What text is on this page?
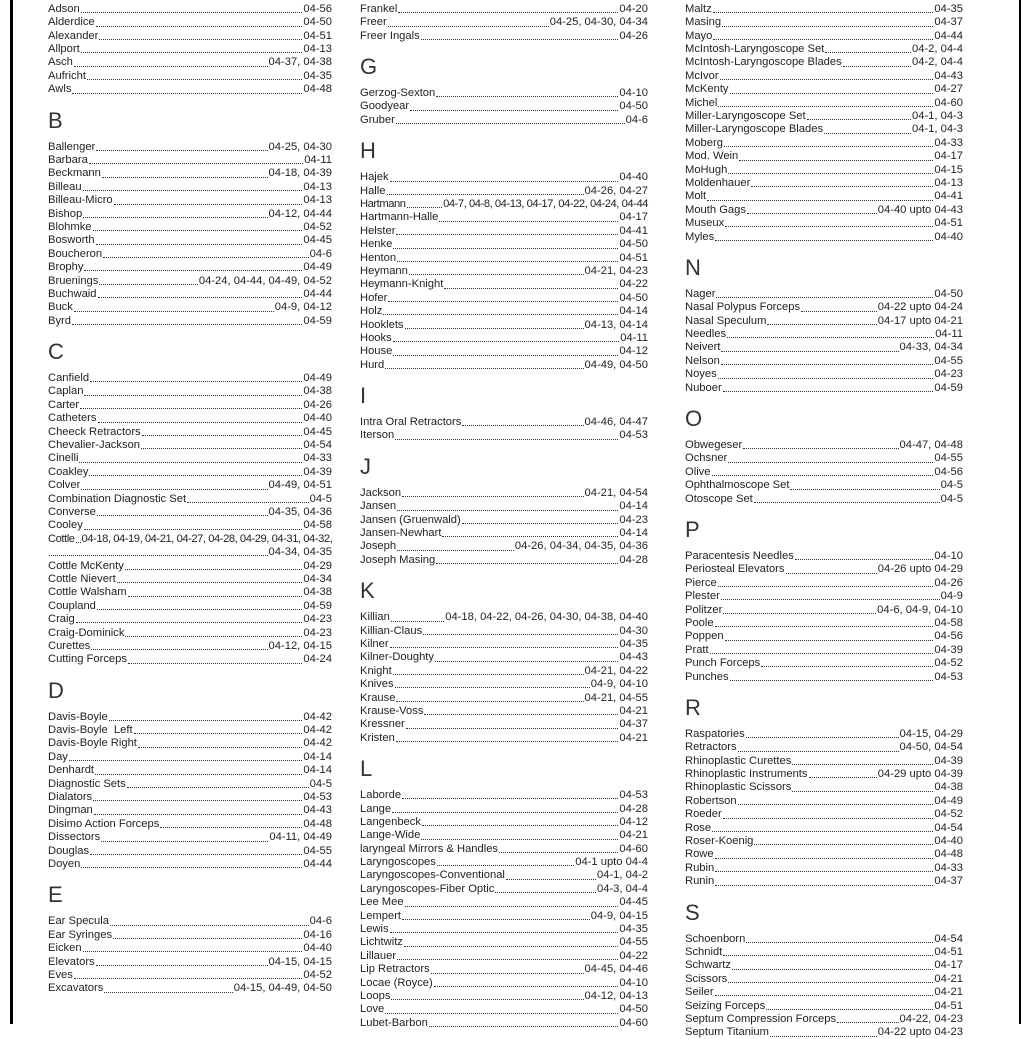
Adson	04-56
Alderdice	04-50
Alexander	04-51
Allport	04-13
Asch	04-37, 04-38
Aufricht	04-35
Awls	04-48
B
Ballenger	04-25, 04-30
Barbara	04-11
Beckmann	04-18, 04-39
Billeau	04-13
Billeau-Micro	04-13
Bishop	04-12, 04-44
Blohmke	04-52
Bosworth	04-45
Boucheron	04-6
Brophy	04-49
Bruenings	04-24, 04-44, 04-49, 04-52
Buchwaid	04-44
Buck	04-9, 04-12
Byrd	04-59
C
Canfield	04-49
Caplan	04-38
Carter	04-26
Catheters	04-40
Cheeck Retractors	04-45
Chevalier-Jackson	04-54
Cinelli	04-33
Coakley	04-39
Colver	04-49, 04-51
Combination Diagnostic Set	04-5
Converse	04-35, 04-36
Cooley	04-58
Cottle 04-18, 04-19, 04-21, 04-27, 04-28, 04-29, 04-31, 04-32,
04-34, 04-35
Cottle McKenty	04-29
Cottle Nievert	04-34
Cottle Walsham	04-38
Coupland	04-59
Craig	04-23
Craig-Dominick	04-23
Curettes	04-12, 04-15
Cutting Forceps	04-24
D
Davis-Boyle	04-42
Davis-Boyle  Left	04-42
Davis-Boyle Right	04-42
Day	04-14
Denhardt	04-14
Diagnostic Sets	04-5
Dialators	04-53
Dingman	04-43
Disimo Action Forceps	04-48
Dissectors	04-11, 04-49
Douglas	04-55
Doyen	04-44
E
Ear Specula	04-6
Ear Syringes	04-16
Eicken	04-40
Elevators	04-15, 04-15
Eves	04-52
Excavators	04-15, 04-49, 04-50
Frankel	04-20
Freer	04-25, 04-30, 04-34
Freer Ingals	04-26
G
Gerzog-Sexton	04-10
Goodyear	04-50
Gruber	04-6
H
Hajek	04-40
Halle	04-26, 04-27
Hartmann	04-7, 04-8, 04-13, 04-17, 04-22, 04-24, 04-44
Hartmann-Halle	04-17
Helster	04-41
Henke	04-50
Henton	04-51
Heymann	04-21, 04-23
Heymann-Knight	04-22
Hofer	04-50
Holz	04-14
Hooklets	04-13, 04-14
Hooks	04-11
House	04-12
Hurd	04-49, 04-50
I
Intra Oral Retractors	04-46, 04-47
Iterson	04-53
J
Jackson	04-21, 04-54
Jansen	04-14
Jansen (Gruenwald)	04-23
Jansen-Newhart	04-14
Joseph	04-26, 04-34, 04-35, 04-36
Joseph Masing	04-28
K
Killian	04-18, 04-22, 04-26, 04-30, 04-38, 04-40
Killian-Claus	04-30
Kilner	04-35
Kilner-Doughty	04-43
Knight	04-21, 04-22
Knives	04-9, 04-10
Krause	04-21, 04-55
Krause-Voss	04-21
Kressner	04-37
Kristen	04-21
L
Laborde	04-53
Lange	04-28
Langenbeck	04-12
Lange-Wide	04-21
laryngeal Mirrors & Handles	04-60
Laryngoscopes	04-1 upto 04-4
Laryngoscopes-Conventional	04-1, 04-2
Laryngoscopes-Fiber Optic	04-3, 04-4
Lee Mee	04-45
Lempert	04-9, 04-15
Lewis	04-35
Lichtwitz	04-55
Lillauer	04-22
Lip Retractors	04-45, 04-46
Locae (Royce)	04-10
Loops	04-12, 04-13
Love	04-50
Lubet-Barbon	04-60
Maltz	04-35
Masing	04-37
Mayo	04-44
McIntosh-Laryngoscope Set	04-2, 04-4
McIntosh-Laryngoscope Blades	04-2, 04-4
McIvor	04-43
McKenty	04-27
Michel	04-60
Miller-Laryngoscope Set	04-1, 04-3
Miller-Laryngoscope Blades	04-1, 04-3
Moberg	04-33
Mod. Wein	04-17
MoHugh	04-15
Moldenhauer	04-13
Molt	04-41
Mouth Gags	04-40 upto 04-43
Museux	04-51
Myles	04-40
N
Nager	04-50
Nasal Polypus Forceps	04-22 upto 04-24
Nasal Speculum	04-17 upto 04-21
Needles	04-11
Neivert	04-33, 04-34
Nelson	04-55
Noyes	04-23
Nuboer	04-59
O
Obwegeser	04-47, 04-48
Ochsner	04-55
Olive	04-56
Ophthalmoscope Set	04-5
Otoscope Set	04-5
P
Paracentesis Needles	04-10
Periosteal Elevators	04-26 upto 04-29
Pierce	04-26
Plester	04-9
Politzer	04-6, 04-9, 04-10
Poole	04-58
Poppen	04-56
Pratt	04-39
Punch Forceps	04-52
Punches	04-53
R
Raspatories	04-15, 04-29
Retractors	04-50, 04-54
Rhinoplastic Curettes	04-39
Rhinoplastic Instruments	04-29 upto 04-39
Rhinoplastic Scissors	04-38
Robertson	04-49
Roeder	04-52
Rose	04-54
Roser-Koenig	04-40
Rowe	04-48
Rubin	04-33
Runin	04-37
S
Schoenborn	04-54
Schnidt	04-51
Schwartz	04-17
Scissors	04-21
Seiler	04-21
Seizing Forceps	04-51
Septum Compression Forceps	04-22, 04-23
Septum Titanium	04-22 upto 04-23
